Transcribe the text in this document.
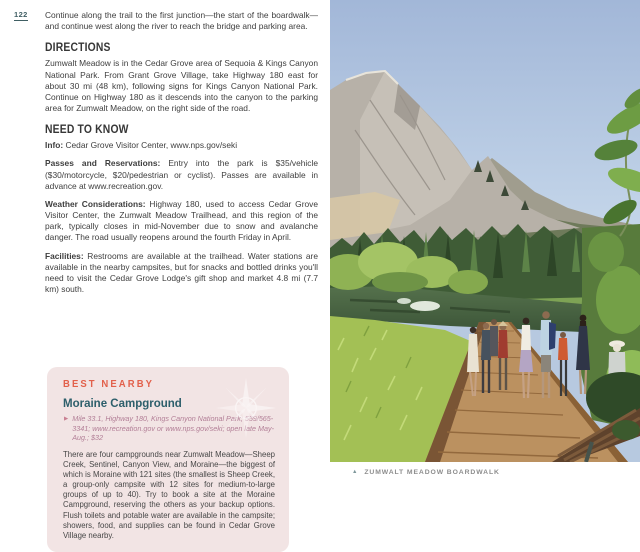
122 Continue along the trail to the first junction—the start of the boardwalk—and continue west along the river to reach the bridge and parking area.

DIRECTIONS

Zumwalt Meadow is in the Cedar Grove area of Sequoia & Kings Canyon National Park. From Grant Grove Village, take Highway 180 east for about 30 mi (48 km), following signs for Kings Canyon National Park. Continue on Highway 180 as it descends into the canyon to the parking area for Zumwalt Meadow, on the right side of the road.

NEED TO KNOW

Info: Cedar Grove Visitor Center, www.nps.gov/seki

Passes and Reservations: Entry into the park is $35/vehicle ($30/motorcycle, $20/pedestrian or cyclist). Passes are available in advance at www.recreation.gov.

Weather Considerations: Highway 180, used to access Cedar Grove Visitor Center, the Zumwalt Meadow Trailhead, and this region of the park, typically closes in mid-November due to snow and avalanche danger. The road usually reopens around the fourth Friday in April.

Facilities: Restrooms are available at the trailhead. Water stations are available in the nearby campsites, but for snacks and bottled drinks you'll need to visit the Cedar Grove Lodge's gift shop and market 4.8 mi (7.7 km) south.

BEST NEARBY
Moraine Campground
▶ Mile 33.1, Highway 180, Kings Canyon National Park; 559/565-3341; www.recreation.gov or www.nps.gov/seki; open late May-Aug.; $32

There are four campgrounds near Zumwalt Meadow—Sheep Creek, Sentinel, Canyon View, and Moraine—the biggest of which is Moraine with 121 sites (the smallest is Sheep Creek, a group-only campsite with 12 sites for medium-to-large groups of up to 40). Try to book a site at the Moraine Campground, reserving the others as your backup options. Flush toilets and potable water are available in the campsite; showers, food, and supplies can be found in Cedar Grove Village nearby.

▲ ZUMWALT MEADOW BOARDWALK
